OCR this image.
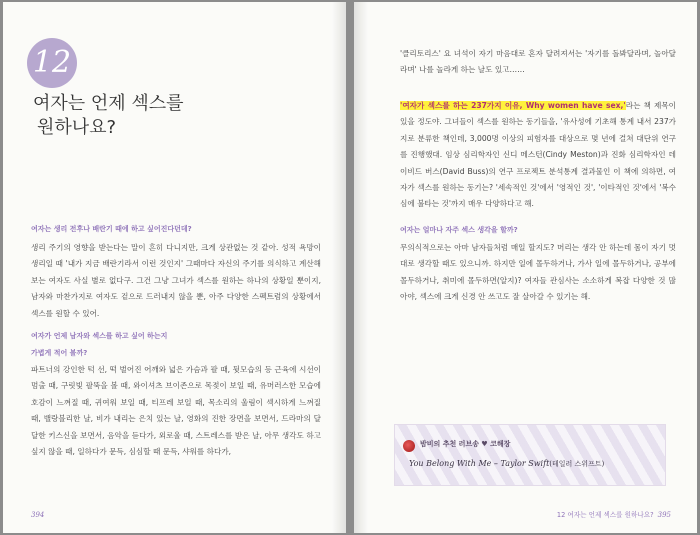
12
여자는 언제 섹스를
원하나요?
여자는 생리 전후나 배란기 때에 하고 싶어진다던데?

생리 주기의 영향을 받는다는 말이 흔히 다니지만, 크게 상관없는 것 같아. 성적 욕망이 생리일 때 '내가 지금 배란기라서 이런 것인지' 그때마다 자신의 주기를 의식하고 계산해보는 여자도 사실 별로 없다구. 그건 그냥 그녀가 섹스를 원하는 하나의 상황일 뿐이지, 남자와 마찬가지로 여자도 겉으로 드러내지 않을 뿐, 아주 다양한 스펙트럼의 상황에서 섹스를 원할 수 있어.

여자가 언제 남자와 섹스를 하고 싶어 하는지
가볍게 적어 볼까?

파트너의 강인한 턱 선, 떡 벌어진 어깨와 넓은 가슴과 팔 때, 뒷모습의 등 근육에 시선이 멈출 때, 구릿빛 팔뚝을 볼 때, 와이셔츠 브이존으로 목젖이 보일 때, 유머러스한 모습에 호감이 느껴질 때, 귀여워 보일 때, 티프레 보일 때, 목소리의 울림이 섹시하게 느껴질 때, 밸랑블리한 날, 비가 내리는 은치 있는 날, 영화의 진한 장면을 보면서, 드라마의 달달한 키스신을 보면서, 음악을 듣다가, 외로울 때, 스트레스를 받은 날, 아무 생각도 하고 싶지 않을 때, 일하다가 문득, 심심할 때 문득, 샤워를 하다가,

394

'클리토리스' 요 녀석이 자기 마음대로 혼자 달려져서는 '자기를 돌봐달라며, 놀아달라며' 나를 놀라게 하는 날도 있고……

'여자가 섹스를 하는 237가지 이유, Why women have sex,'라는 책 제목이 있을 정도야. 그녀들이 섹스를 원하는 동기들을, '유사성에 기초해 통계 내서 237가지로 분류한 책인데, 3,000명 이상의 피험자를 대상으로 몇 년에 걸쳐 대단위 연구를 진행했대. 임상 심리학자인 신디 메스턴(Cindy Meston)과 진화 심리학자인 데이비드 버스(David Buss)의 연구 프로젝트 분석통계 결과물인 이 책에 의하면, 여자가 섹스를 원하는 동기는? '세속적인 것'에서 '영적인 것', '이타적인 것'에서 '복수심에 불타는 것'까지 매우 다양하다고 해.

여자는 얼마나 자주 섹스 생각을 할까?

무의식적으로는 아마 남자들처럼 매일 할지도? 머리는 생각 안 하는데 몸이 자기 멋대로 생각할 때도 있으니까. 하지만 일에 몰두하거나, 가사 일에 몰두하거나, 공부에 몰두하거나, 취미에 몰두하면(알지)? 여자들 관심사는 소소하게 복잡 다양한 것 많아야, 섹스에 크게 신경 안 쓰고도 잘 살아갈 수 있기는 해.

밤비의 추천 러브송 ♥ 코해장
You Belong With Me – Taylor Swift(테일러 스위프트)
12 여자는 언제 섹스를 원하나요? 395
